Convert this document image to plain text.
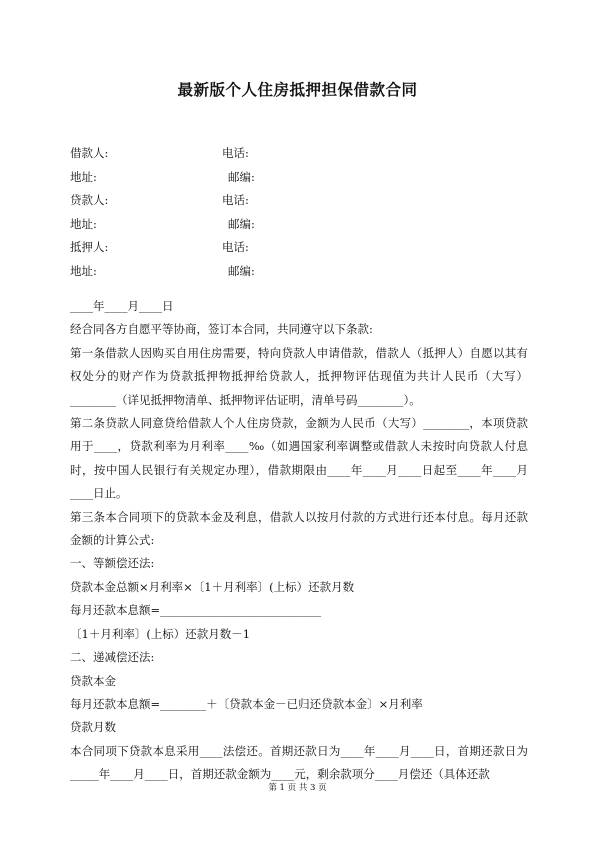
最新版个人住房抵押担保借款合同
借款人:	电话:
地址:	邮编:
贷款人:	电话:
地址:	邮编:
抵押人:	电话:
地址:	邮编:

____年____月____日

经合同各方自愿平等协商，签订本合同，共同遵守以下条款:

第一条借款人因购买自用住房需要，特向贷款人申请借款，借款人（抵押人）自愿以其有权处分的财产作为贷款抵押物抵押给贷款人，抵押物评估现值为共计人民币（大写）________（详见抵押物清单、抵押物评估证明，清单号码________）。

第二条贷款人同意贷给借款人个人住房贷款，金额为人民币（大写）________，本项贷款用于____，贷款利率为月利率____‰（如遇国家利率调整或借款人未按时向贷款人付息时，按中国人民银行有关规定办理），借款期限由____年____月____日起至____年____月____日止。

第三条本合同项下的贷款本金及利息，借款人以按月付款的方式进行还本付息。每月还款金额的计算公式:

一、等额偿还法:

贷款本金总额×月利率×〔1＋月利率〕(上标）还款月数

每月还款本息额=____________________________

〔1＋月利率〕(上标）还款月数－1

二、递减偿还法:

贷款本金

每月还款本息额=________＋〔贷款本金－已归还贷款本金〕×月利率

贷款月数

本合同项下贷款本息采用____法偿还。首期还款日为____年____月____日，首期还款日为_____年____月____日，首期还款金额为____元，剩余款项分____月偿还（具体还款

第 1 页 共 3 页
